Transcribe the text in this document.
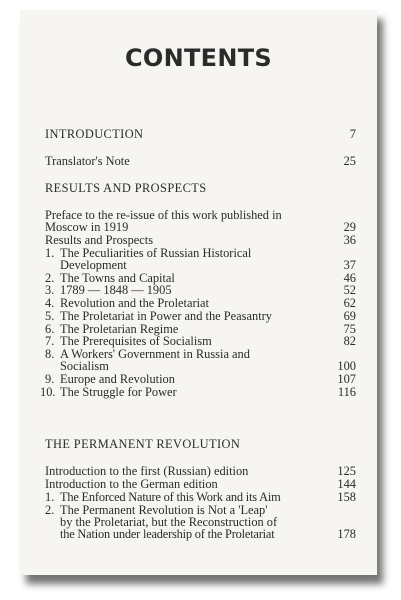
CONTENTS
INTRODUCTION	7
Translator's Note	25
RESULTS AND PROSPECTS
Preface to the re-issue of this work published in
Moscow in 1919	29
Results and Prospects	36
1. The Peculiarities of Russian Historical
Development	37
2. The Towns and Capital	46
3. 1789 — 1848 — 1905	52
4. Revolution and the Proletariat	62
5. The Proletariat in Power and the Peasantry	69
6. The Proletarian Regime	75
7. The Prerequisites of Socialism	82
8. A Workers' Government in Russia and
Socialism	100
9. Europe and Revolution	107
10. The Struggle for Power	116
THE PERMANENT REVOLUTION
Introduction to the first (Russian) edition	125
Introduction to the German edition	144
1. The Enforced Nature of this Work and its Aim	158
2. The Permanent Revolution is Not a 'Leap'
by the Proletariat, but the Reconstruction of
the Nation under leadership of the Proletariat	178
